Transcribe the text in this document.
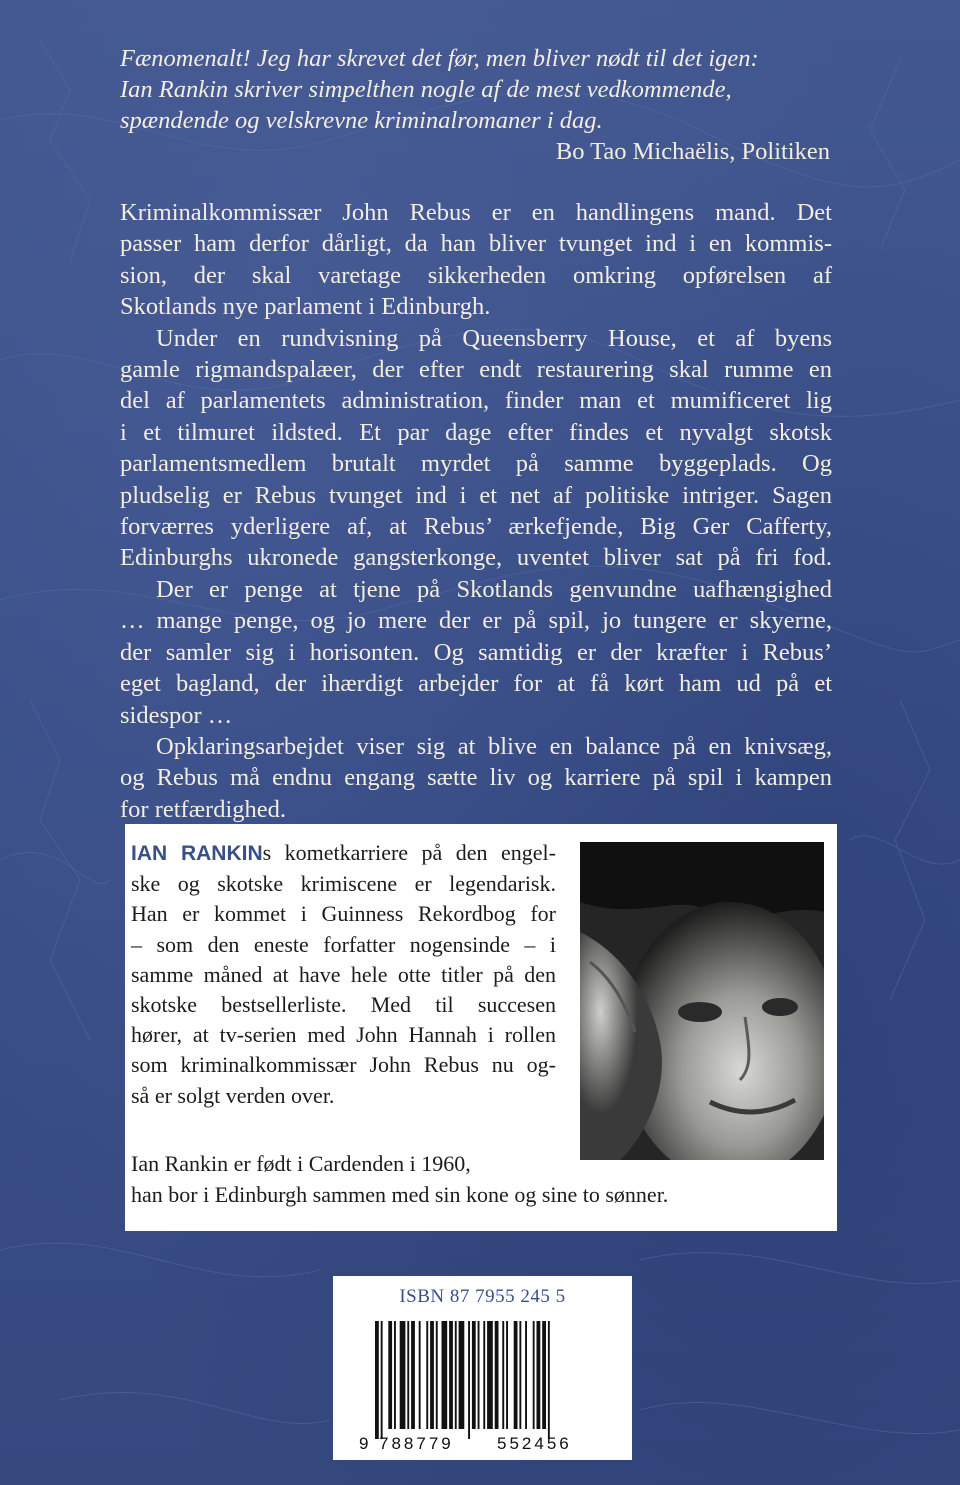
Fænomenalt! Jeg har skrevet det før, men bliver nødt til det igen:
Ian Rankin skriver simpelthen nogle af de mest vedkommende,
spændende og velskrevne kriminalromaner i dag.
Bo Tao Michaëlis, Politiken
Kriminalkommissær John Rebus er en handlingens mand. Det
passer ham derfor dårligt, da han bliver tvunget ind i en kommis-
sion, der skal varetage sikkerheden omkring opførelsen af
Skotlands nye parlament i Edinburgh.
Under en rundvisning på Queensberry House, et af byens
gamle rigmandspalæer, der efter endt restaurering skal rumme en
del af parlamentets administration, finder man et mumificeret lig
i et tilmuret ildsted. Et par dage efter findes et nyvalgt skotsk
parlamentsmedlem brutalt myrdet på samme byggeplads. Og
pludselig er Rebus tvunget ind i et net af politiske intriger. Sagen
forværres yderligere af, at Rebus’ ærkefjende, Big Ger Cafferty,
Edinburghs ukronede gangsterkonge, uventet bliver sat på fri fod.
Der er penge at tjene på Skotlands genvundne uafhængighed
… mange penge, og jo mere der er på spil, jo tungere er skyerne,
der samler sig i horisonten. Og samtidig er der kræfter i Rebus’
eget bagland, der ihærdigt arbejder for at få kørt ham ud på et
sidespor …
Opklaringsarbejdet viser sig at blive en balance på en knivsæg,
og Rebus må endnu engang sætte liv og karriere på spil i kampen
for retfærdighed.
IAN RANKINs kometkarriere på den engel-
ske og skotske krimiscene er legendarisk.
Han er kommet i Guinness Rekordbog for
– som den eneste forfatter nogensinde – i
samme måned at have hele otte titler på den
skotske bestsellerliste. Med til succesen
hører, at tv-serien med John Hannah i rollen
som kriminalkommissær John Rebus nu og-
så er solgt verden over.
Ian Rankin er født i Cardenden i 1960,
han bor i Edinburgh sammen med sin kone og sine to sønner.
ISBN 87 7955 245 5
9 788779	552456
